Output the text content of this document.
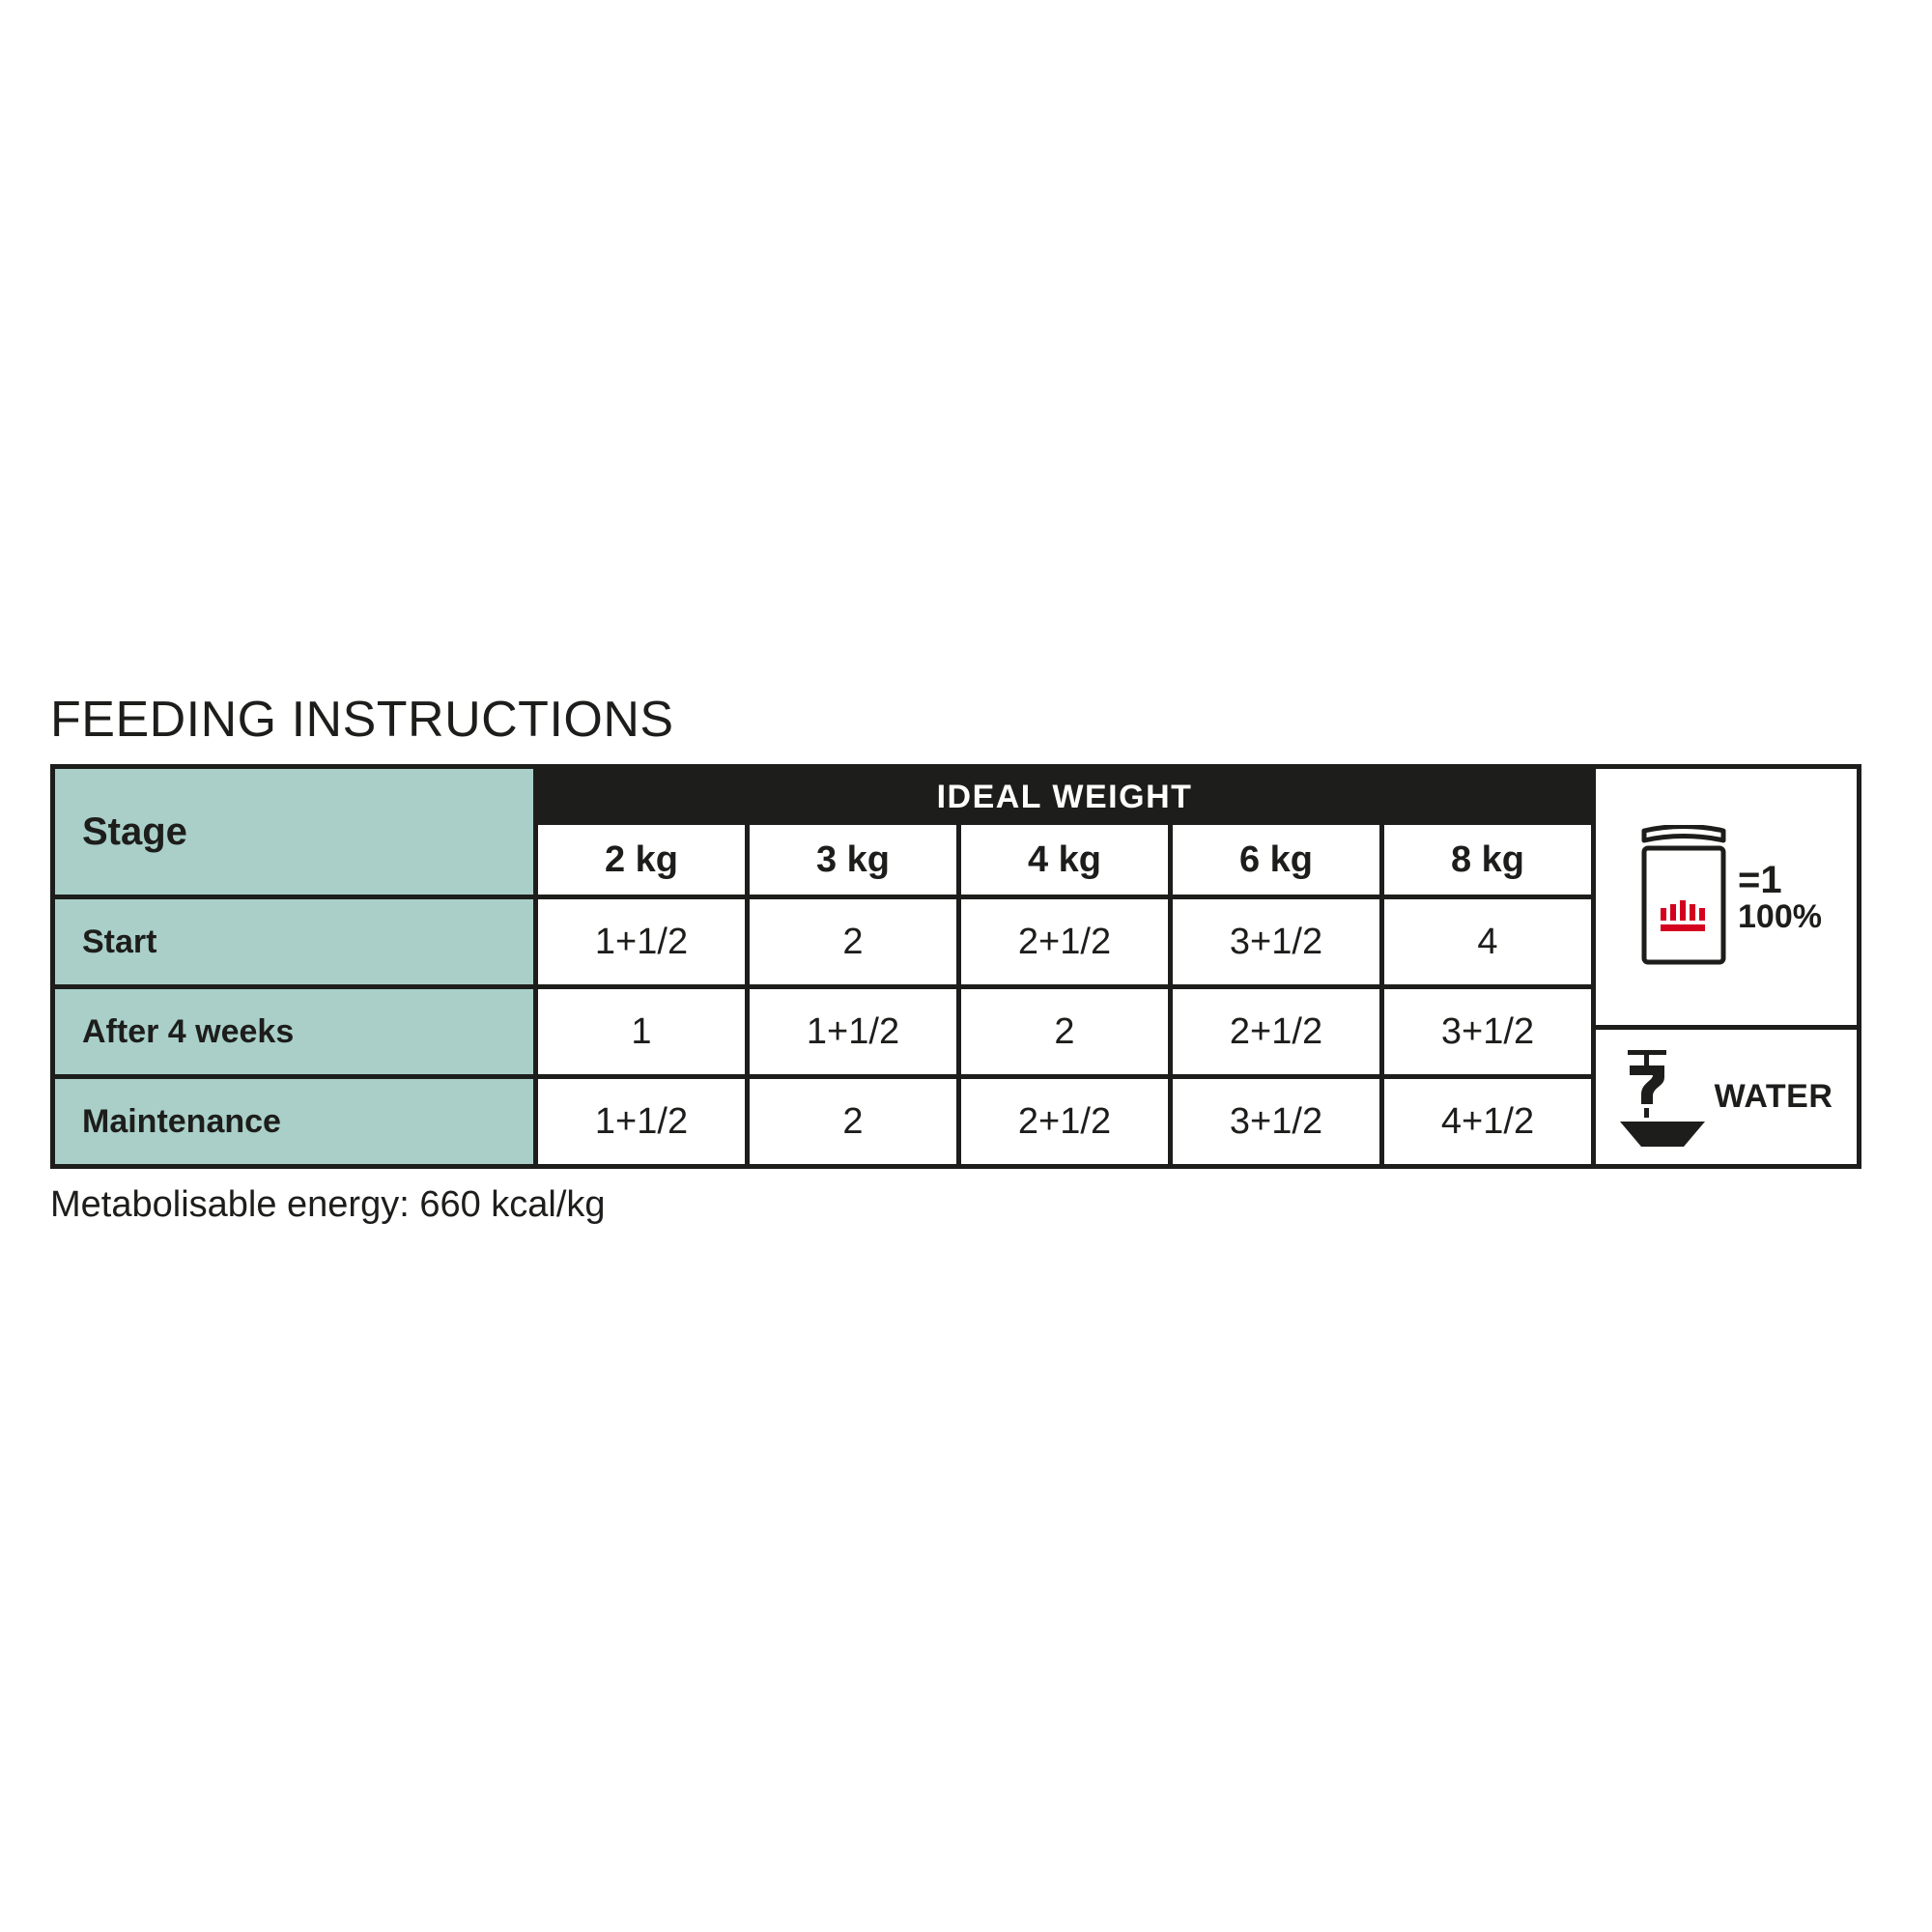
FEEDING INSTRUCTIONS
Stage
IDEAL WEIGHT
2 kg	3 kg	4 kg	6 kg	8 kg
Start	1+1/2	2	2+1/2	3+1/2	4
After 4 weeks	1	1+1/2	2	2+1/2	3+1/2
Maintenance	1+1/2	2	2+1/2	3+1/2	4+1/2
=1
100%
WATER
Metabolisable energy: 660 kcal/kg
